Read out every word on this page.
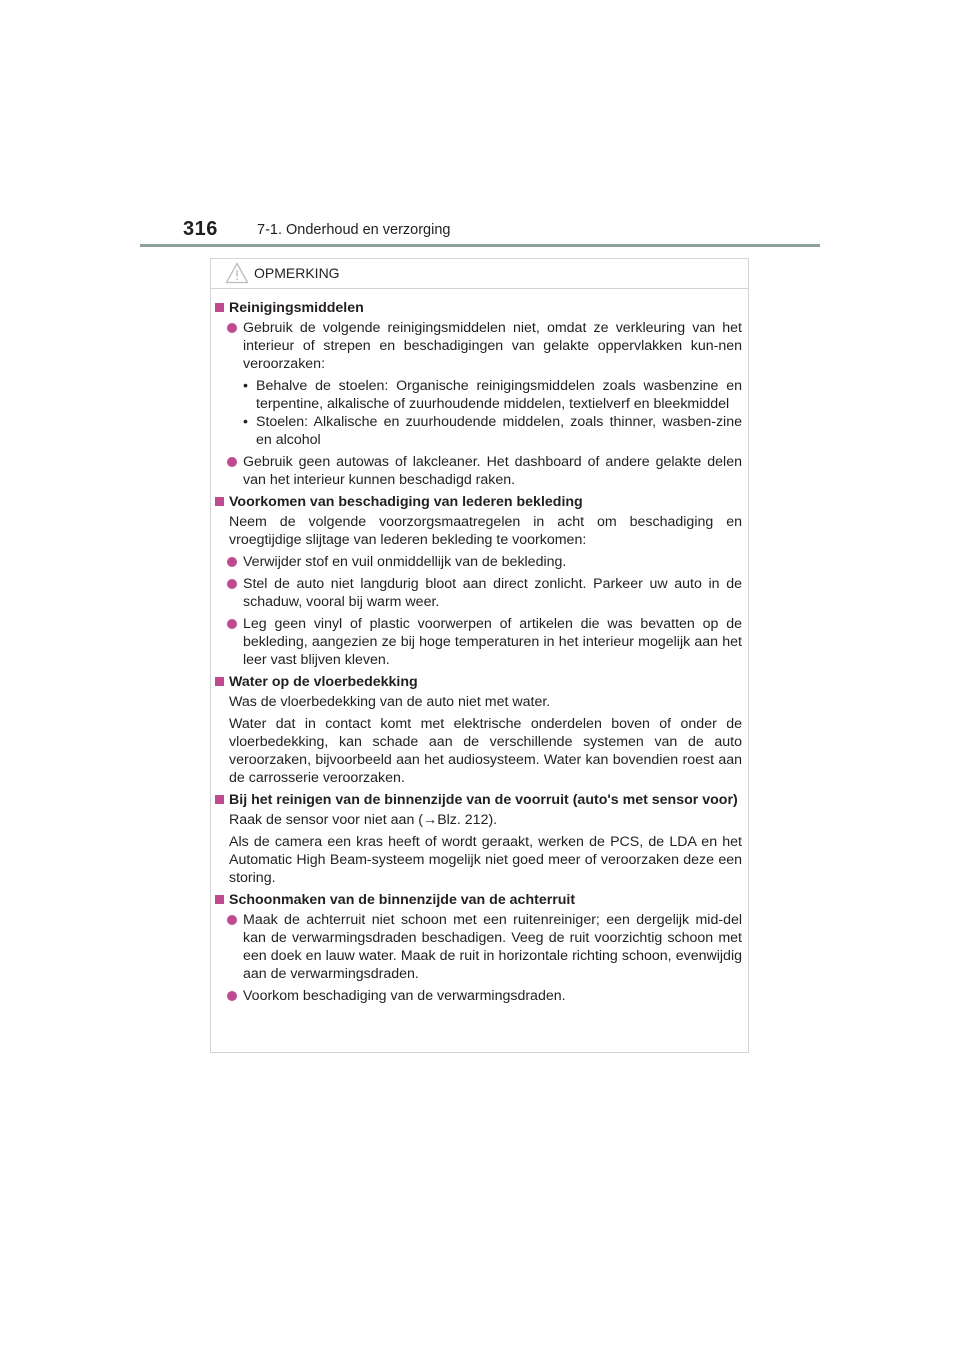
316	7-1. Onderhoud en verzorging
OPMERKING
Reinigingsmiddelen
Gebruik de volgende reinigingsmiddelen niet, omdat ze verkleuring van het interieur of strepen en beschadigingen van gelakte oppervlakken kun-nen veroorzaken:
• Behalve de stoelen: Organische reinigingsmiddelen zoals wasbenzine en terpentine, alkalische of zuurhoudende middelen, textielverf en bleekmiddel
• Stoelen: Alkalische en zuurhoudende middelen, zoals thinner, wasben-zine en alcohol
Gebruik geen autowas of lakcleaner. Het dashboard of andere gelakte delen van het interieur kunnen beschadigd raken.
Voorkomen van beschadiging van lederen bekleding
Neem de volgende voorzorgsmaatregelen in acht om beschadiging en vroegtijdige slijtage van lederen bekleding te voorkomen:
Verwijder stof en vuil onmiddellijk van de bekleding.
Stel de auto niet langdurig bloot aan direct zonlicht. Parkeer uw auto in de schaduw, vooral bij warm weer.
Leg geen vinyl of plastic voorwerpen of artikelen die was bevatten op de bekleding, aangezien ze bij hoge temperaturen in het interieur mogelijk aan het leer vast blijven kleven.
Water op de vloerbedekking
Was de vloerbedekking van de auto niet met water.
Water dat in contact komt met elektrische onderdelen boven of onder de vloerbedekking, kan schade aan de verschillende systemen van de auto veroorzaken, bijvoorbeeld aan het audiosysteem. Water kan bovendien roest aan de carrosserie veroorzaken.
Bij het reinigen van de binnenzijde van de voorruit (auto's met sensor voor)
Raak de sensor voor niet aan (→Blz. 212).
Als de camera een kras heeft of wordt geraakt, werken de PCS, de LDA en het Automatic High Beam-systeem mogelijk niet goed meer of veroorzaken deze een storing.
Schoonmaken van de binnenzijde van de achterruit
Maak de achterruit niet schoon met een ruitenreiniger; een dergelijk mid-del kan de verwarmingsdraden beschadigen. Veeg de ruit voorzichtig schoon met een doek en lauw water. Maak de ruit in horizontale richting schoon, evenwijdig aan de verwarmingsdraden.
Voorkom beschadiging van de verwarmingsdraden.
